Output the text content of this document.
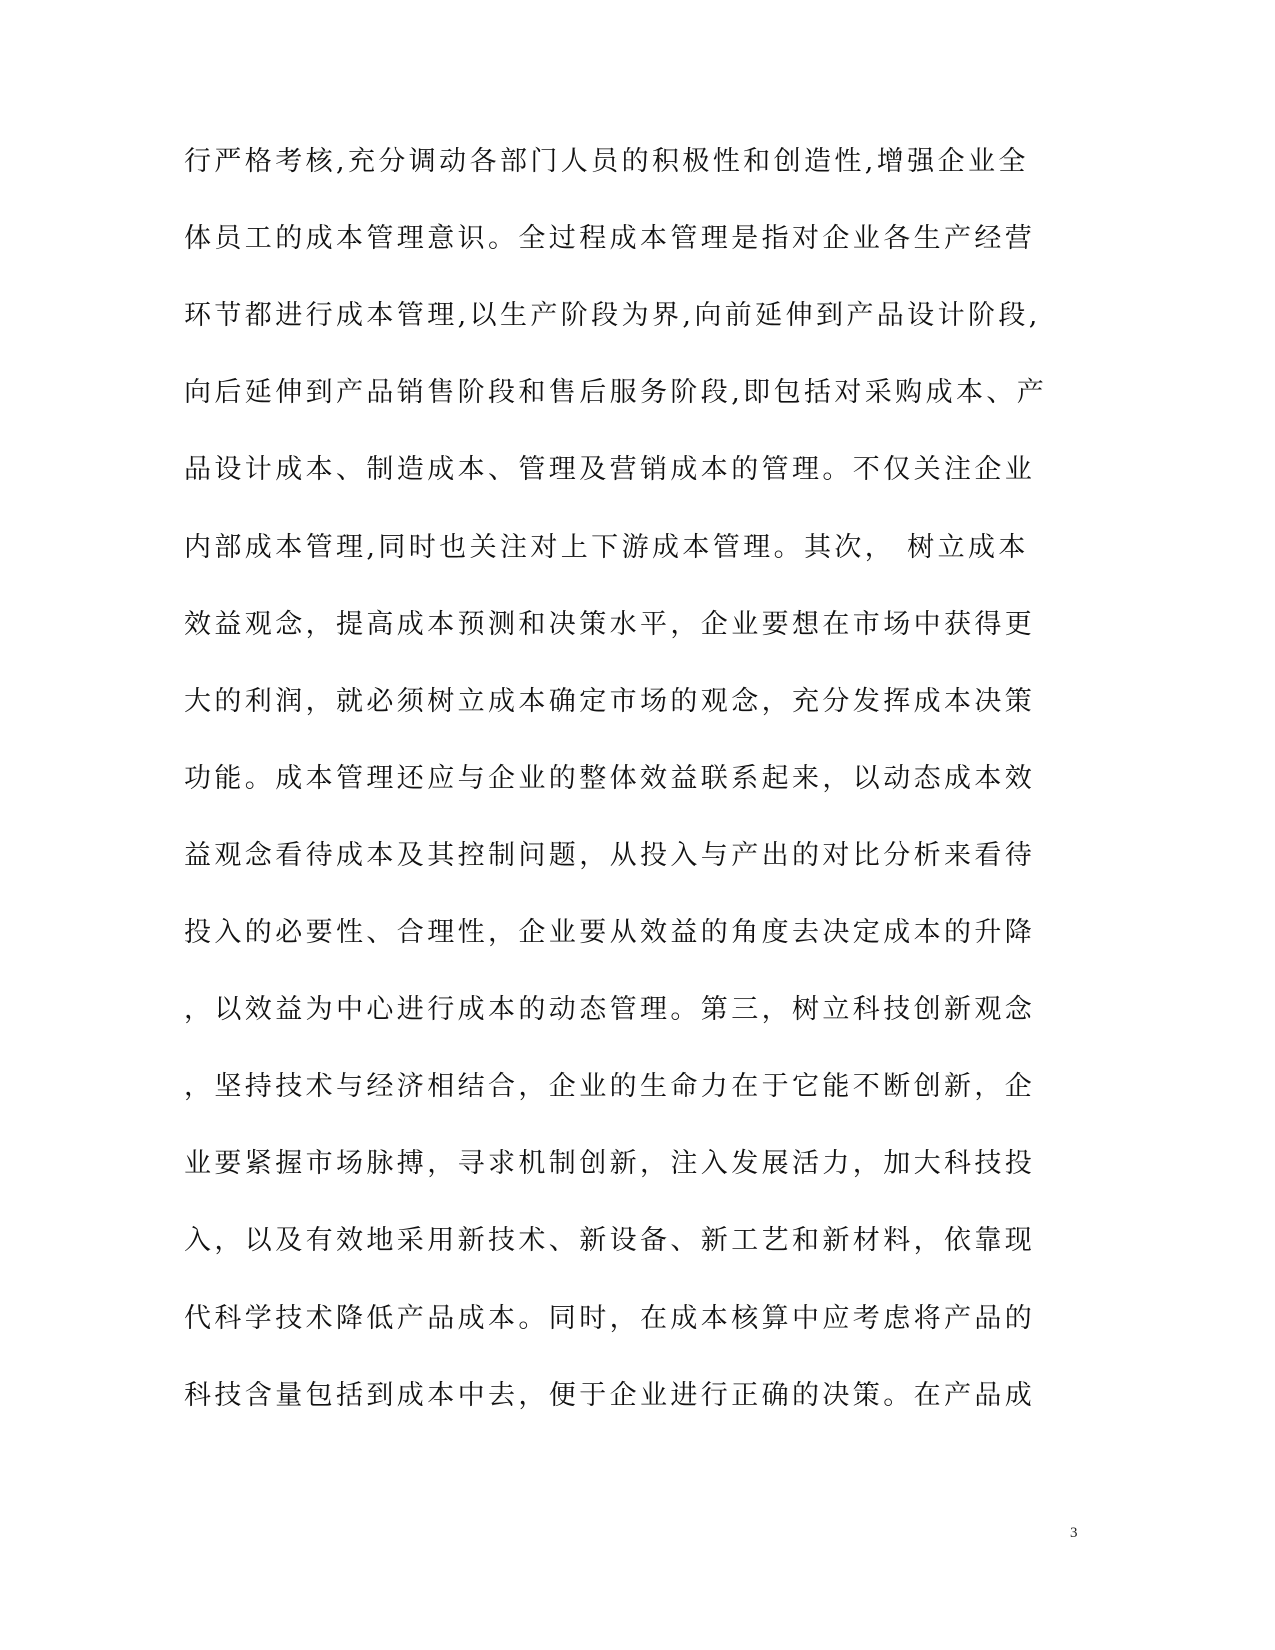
行严格考核,充分调动各部门人员的积极性和创造性,增强企业全
体员工的成本管理意识。全过程成本管理是指对企业各生产经营
环节都进行成本管理,以生产阶段为界,向前延伸到产品设计阶段,
向后延伸到产品销售阶段和售后服务阶段,即包括对采购成本、产
品设计成本、制造成本、管理及营销成本的管理。不仅关注企业
内部成本管理,同时也关注对上下游成本管理。其次， 树立成本
效益观念，提高成本预测和决策水平，企业要想在市场中获得更
大的利润，就必须树立成本确定市场的观念，充分发挥成本决策
功能。成本管理还应与企业的整体效益联系起来，以动态成本效
益观念看待成本及其控制问题，从投入与产出的对比分析来看待
投入的必要性、合理性，企业要从效益的角度去决定成本的升降
，以效益为中心进行成本的动态管理。第三，树立科技创新观念
，坚持技术与经济相结合，企业的生命力在于它能不断创新，企
业要紧握市场脉搏，寻求机制创新，注入发展活力，加大科技投
入，以及有效地采用新技术、新设备、新工艺和新材料，依靠现
代科学技术降低产品成本。同时，在成本核算中应考虑将产品的
科技含量包括到成本中去，便于企业进行正确的决策。在产品成
3
